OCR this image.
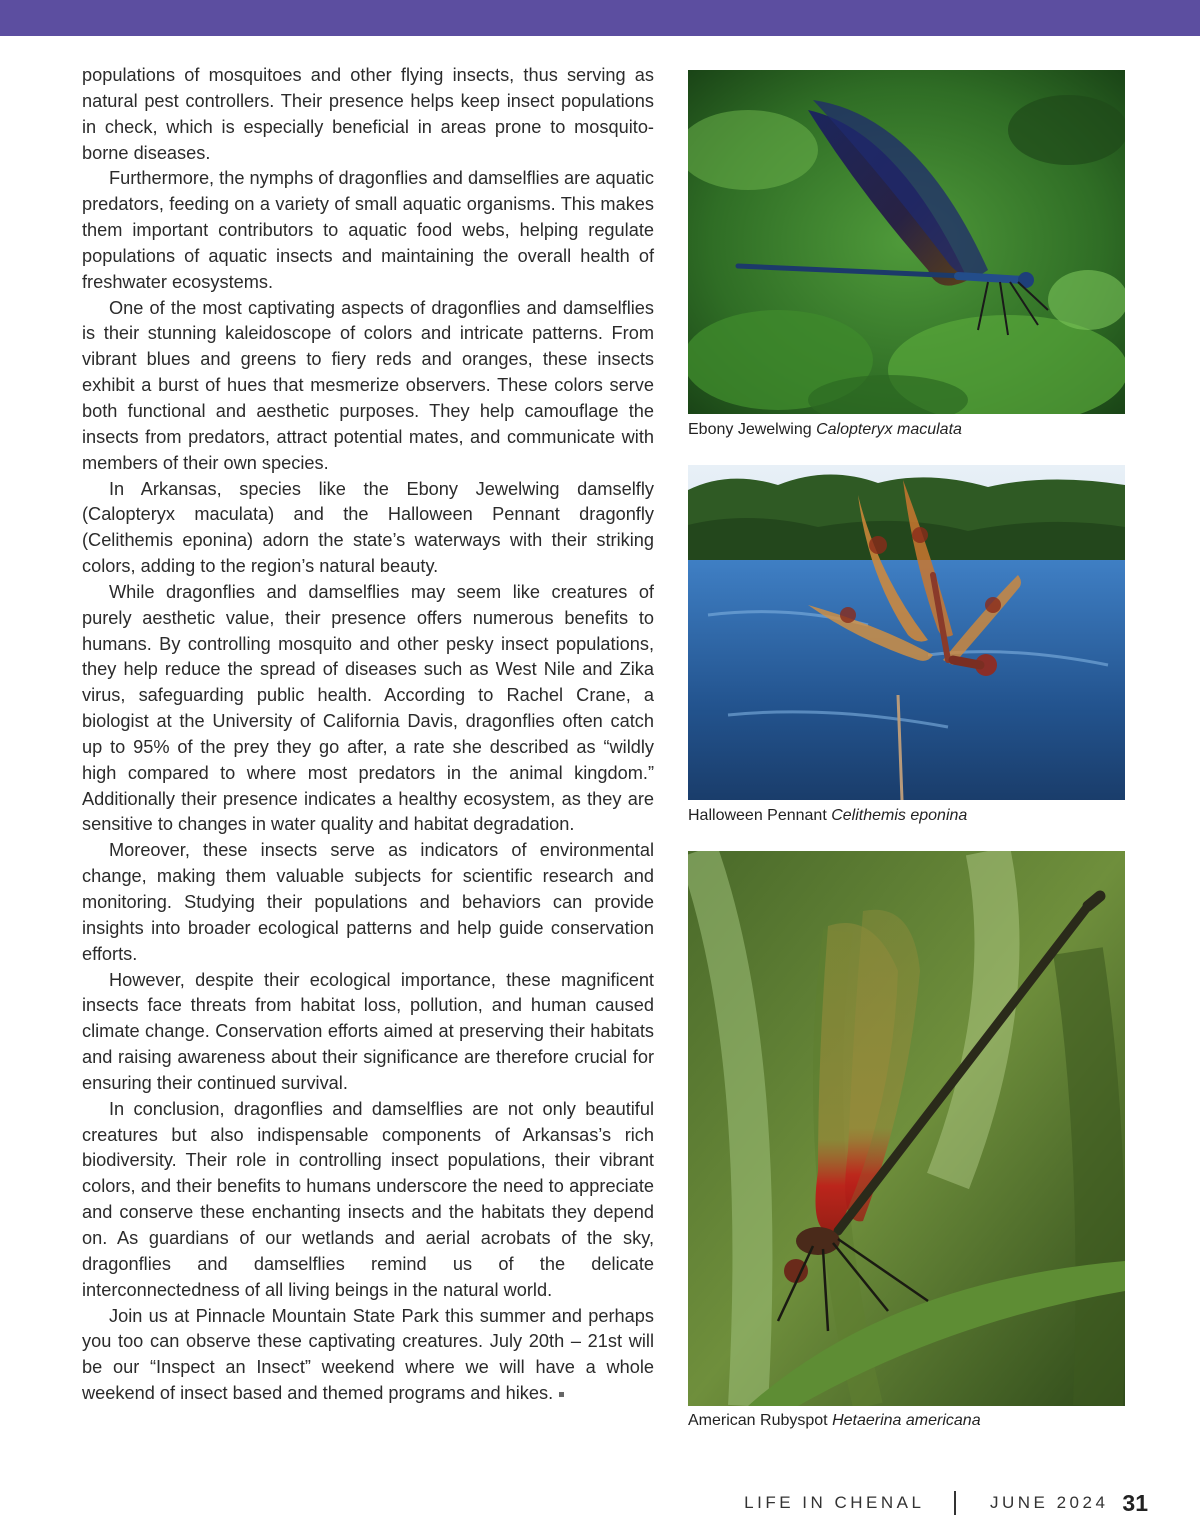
populations of mosquitoes and other flying insects, thus serving as natural pest controllers. Their presence helps keep insect populations in check, which is especially beneficial in areas prone to mosquito-borne diseases.

Furthermore, the nymphs of dragonflies and damselflies are aquatic predators, feeding on a variety of small aquatic organisms. This makes them important contributors to aquatic food webs, helping regulate populations of aquatic insects and maintaining the overall health of freshwater ecosystems.

One of the most captivating aspects of dragonflies and damselflies is their stunning kaleidoscope of colors and intricate patterns. From vibrant blues and greens to fiery reds and oranges, these insects exhibit a burst of hues that mesmerize observers. These colors serve both functional and aesthetic purposes. They help camouflage the insects from predators, attract potential mates, and communicate with members of their own species.

In Arkansas, species like the Ebony Jewelwing damselfly (Calopteryx maculata) and the Halloween Pennant dragonfly (Celithemis eponina) adorn the state’s waterways with their striking colors, adding to the region’s natural beauty.

While dragonflies and damselflies may seem like creatures of purely aesthetic value, their presence offers numerous benefits to humans. By controlling mosquito and other pesky insect populations, they help reduce the spread of diseases such as West Nile and Zika virus, safeguarding public health. According to Rachel Crane, a biologist at the University of California Davis, dragonflies often catch up to 95% of the prey they go after, a rate she described as “wildly high compared to where most predators in the animal kingdom.” Additionally their presence indicates a healthy ecosystem, as they are sensitive to changes in water quality and habitat degradation.

Moreover, these insects serve as indicators of environmental change, making them valuable subjects for scientific research and monitoring. Studying their populations and behaviors can provide insights into broader ecological patterns and help guide conservation efforts.

However, despite their ecological importance, these magnificent insects face threats from habitat loss, pollution, and human caused climate change. Conservation efforts aimed at preserving their habitats and raising awareness about their significance are therefore crucial for ensuring their continued survival.

In conclusion, dragonflies and damselflies are not only beautiful creatures but also indispensable components of Arkansas’s rich biodiversity. Their role in controlling insect populations, their vibrant colors, and their benefits to humans underscore the need to appreciate and conserve these enchanting insects and the habitats they depend on. As guardians of our wetlands and aerial acrobats of the sky, dragonflies and damselflies remind us of the delicate interconnectedness of all living beings in the natural world.

Join us at Pinnacle Mountain State Park this summer and perhaps you too can observe these captivating creatures. July 20th – 21st will be our “Inspect an Insect” weekend where we will have a whole weekend of insect based and themed programs and hikes.

Ebony Jewelwing Calopteryx maculata
Halloween Pennant Celithemis eponina
American Rubyspot Hetaerina americana
LIFE IN CHENAL	JUNE 2024 31
